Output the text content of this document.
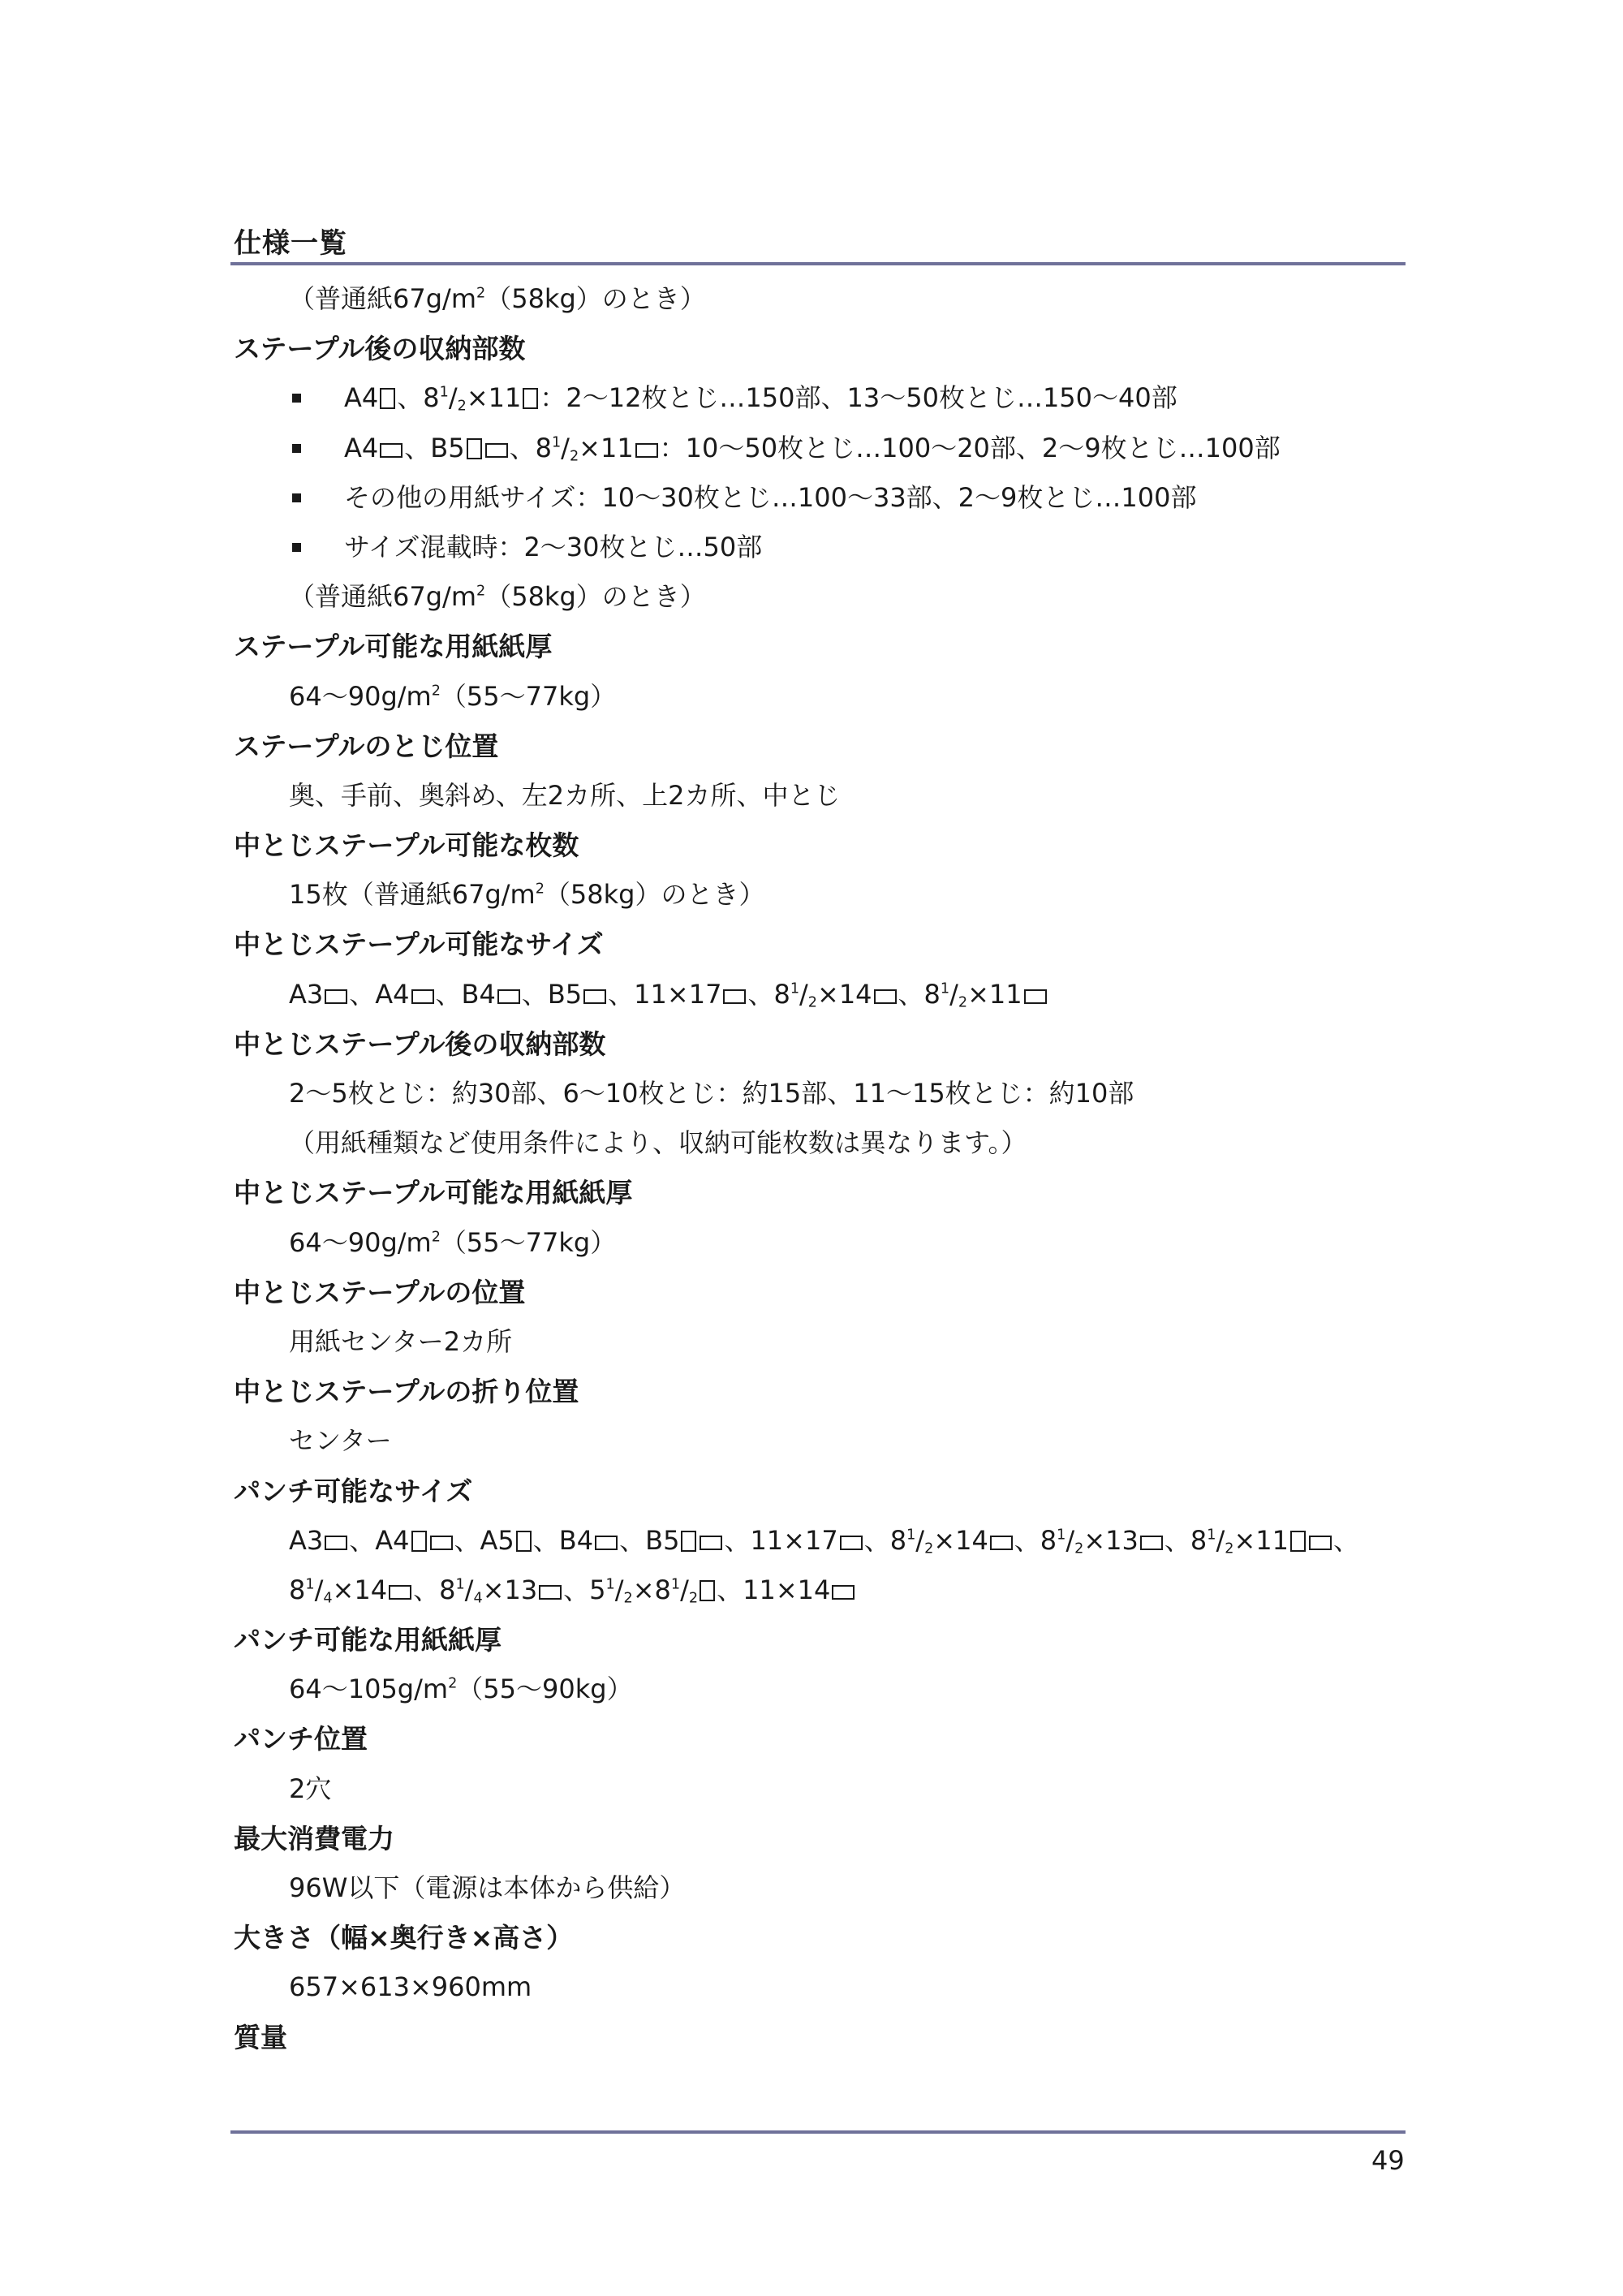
仕様一覧
（普通紙$67g/m^2(58kg)$のとき）
ステープル後の収納部数
A4 、$8^1/_2\times 11$ ：2〜12枚とじ…150部、13〜50枚とじ…150〜40部
A4 、B5 、$8^1/_2\times 11$ ：10〜50枚とじ…100〜20部、2〜9枚とじ…100部
その他の用紙サイズ：10〜30枚とじ…100〜33部、2〜9枚とじ…100部
サイズ混載時：2〜30枚とじ…50部
（普通紙$67g/m^2(58kg)$のとき）
ステープル可能な用紙紙厚
64〜$90g/m^2(55$〜77kg）
ステープルのとじ位置
奥、手前、奥斜め、左2カ所、上2カ所、中とじ
中とじステープル可能な枚数
15枚（普通紙$67g/m^2(58kg)$のとき）
中とじステープル可能なサイズ
A3 、A4 、B4 、B5 、11×17 、$8^1/_2\times 14$ 、$8^1/_2\times 11$
中とじステープル後の収納部数
2〜5枚とじ：約30部、6〜10枚とじ：約15部、11〜15枚とじ：約10部
（用紙種類など使用条件により、収納可能枚数は異なります。）
中とじステープル可能な用紙紙厚
64〜$90g/m^2(55$〜77kg）
中とじステープルの位置
用紙センター2カ所
中とじステープルの折り位置
センター
パンチ可能なサイズ
A3 、A4 、A5 、B4 、B5 、11×17 、$8^1/_2\times 14$ 、$8^1/_2\times 13$ 、$8^1/_2\times 11$ 、
$8^1/_4\times 14$ 、$8^1/_4\times 13$ 、$5^1/_2\times 8^1/_2$ 、11×14
パンチ可能な用紙紙厚
64〜$105g/m^2(55$〜90kg）
パンチ位置
2穴
最大消費電力
96W以下（電源は本体から供給）
大きさ（幅×奥行き×高さ）
657×613×960mm
質量
49
